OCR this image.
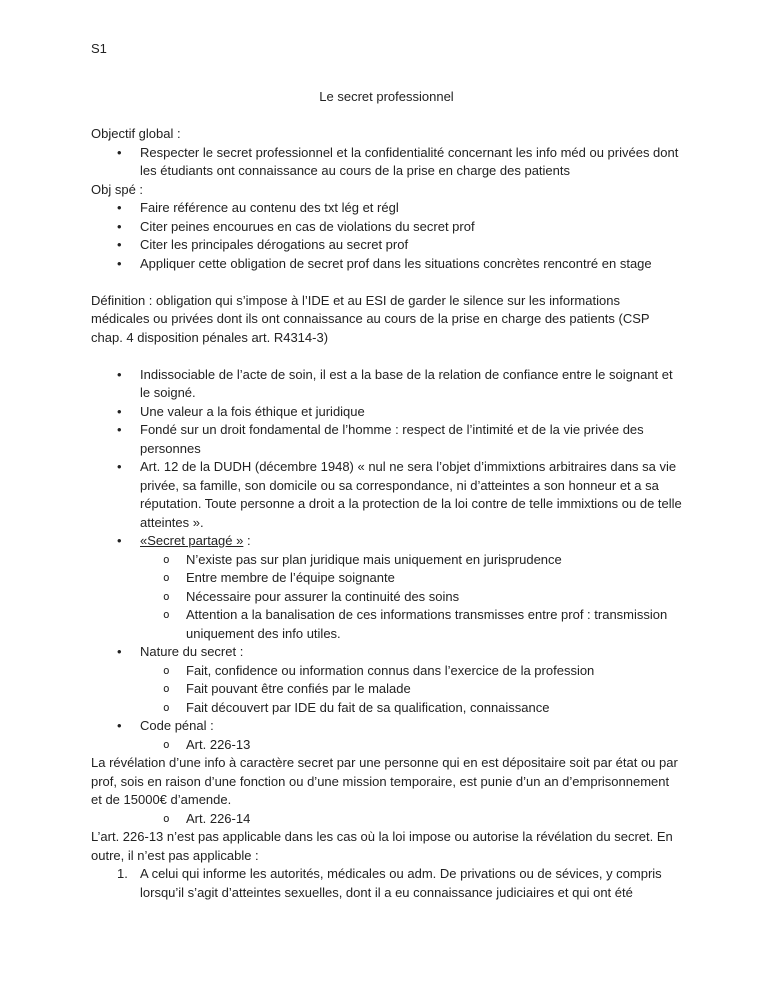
S1
Le secret professionnel
Objectif global :
•	Respecter le secret professionnel et la confidentialité concernant les info méd ou privées dont les étudiants ont connaissance au cours de la prise en charge des patients
Obj spé :
•	Faire référence au contenu des txt lég et régl
•	Citer peines encourues en cas de violations du secret prof
•	Citer les principales dérogations au secret prof
•	Appliquer cette obligation de secret prof dans les situations concrètes rencontré en stage
Définition : obligation qui s’impose à l’IDE et au ESI de garder le silence sur les informations médicales ou privées dont ils ont connaissance au cours de la prise en charge des patients (CSP chap. 4 disposition pénales art. R4314-3)
•	Indissociable de l’acte de soin, il est a la base de la relation de confiance entre le soignant et le soigné.
•	Une valeur a la fois éthique et juridique
•	Fondé sur un droit fondamental de l’homme : respect de l’intimité et de la vie privée des personnes
•	Art. 12 de la DUDH (décembre 1948) « nul ne sera l’objet d’immixtions arbitraires dans sa vie privée, sa famille, son domicile ou sa correspondance, ni d’atteintes a son honneur et a sa réputation. Toute personne a droit a la protection de la loi contre de telle immixtions ou de telle atteintes ».
•	«Secret partagé » :
o	N’existe pas sur plan juridique mais uniquement en jurisprudence
o	Entre membre de l’équipe soignante
o	Nécessaire pour assurer la continuité des soins
o	Attention a la banalisation de ces informations transmisses entre prof : transmission uniquement des info utiles.
•	Nature du secret :
o	Fait, confidence ou information connus dans l’exercice de la profession
o	Fait pouvant être confiés par le malade
o	Fait découvert par IDE du fait de sa qualification, connaissance
•	Code pénal :
o	Art. 226-13
La révélation d’une info à caractère secret par une personne qui en est dépositaire soit par état ou par prof, sois en raison d’une fonction ou d’une mission temporaire, est punie d’un an d’emprisonnement et de 15000€ d’amende.
o	Art. 226-14
L’art. 226-13 n’est pas applicable dans les cas où la loi impose ou autorise la révélation du secret. En outre, il n’est pas applicable :
1. A celui qui informe les autorités, médicales ou adm. De privations ou de sévices, y compris lorsqu’il s’agit d’atteintes sexuelles, dont il a eu connaissance judiciaires et qui ont été
